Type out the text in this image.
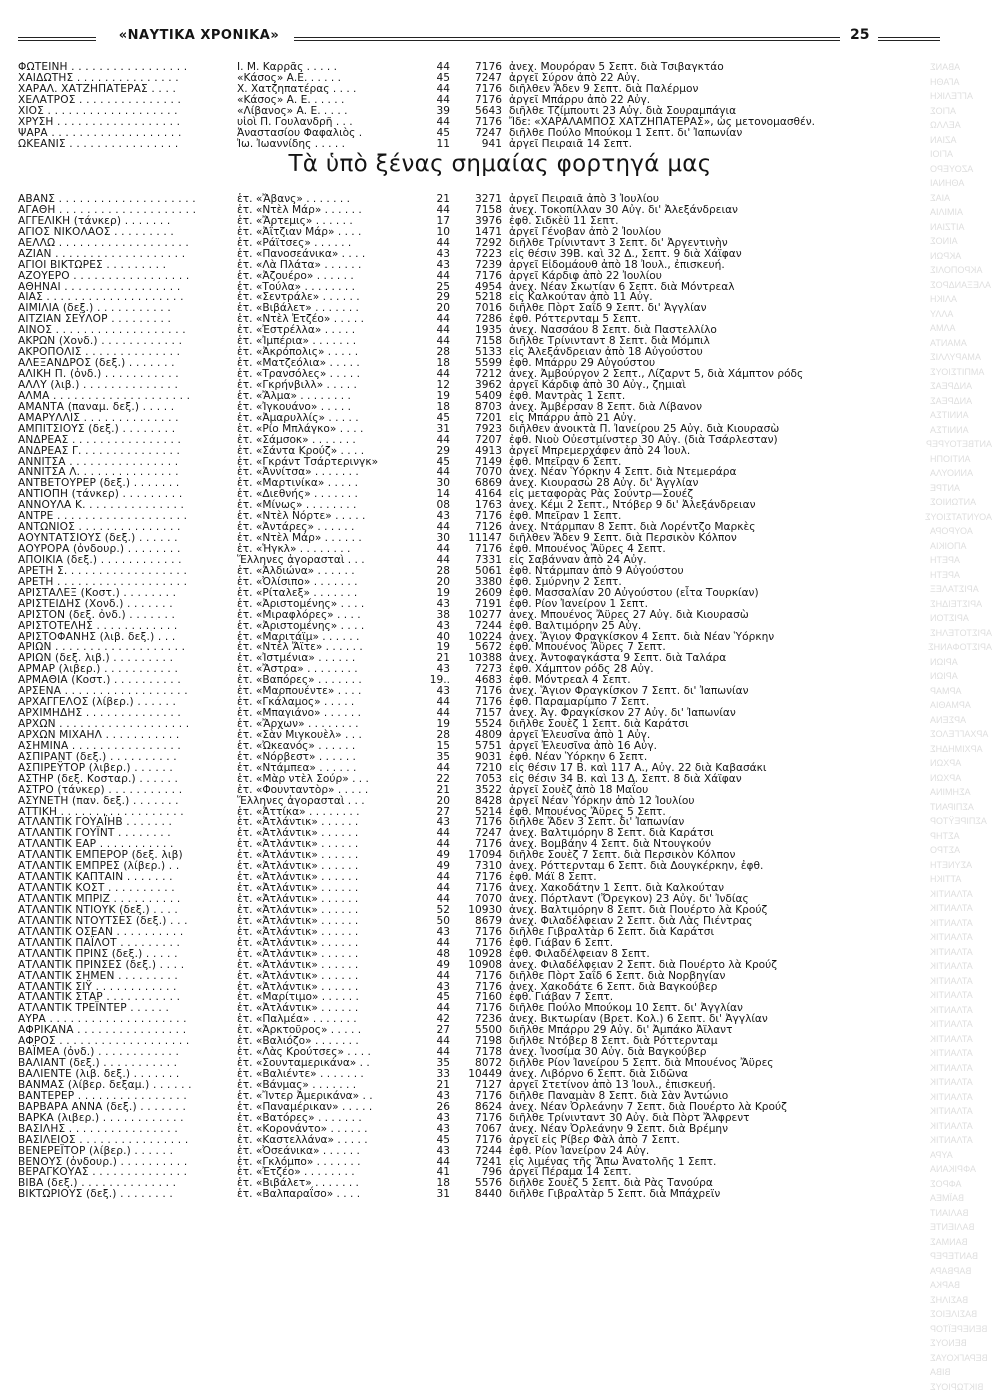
«ΝΑΥΤΙΚΑ ΧΡΟΝΙΚΑ»	25
ΦΩΤΕΙΝΗ . . . . . . . . . . . . . . . . .	Ι. Μ. Καρρᾶς . . . . .	44	7176 ἀνεχ. Μουρόραν 5 Σεπτ. διὰ Τσιβαγκτάο
ΧΑΙΔΩΤΗΣ . . . . . . . . . . . . . . .	«Κάσος» Α.Ε. . . . . .	45	7247 ἀργεῖ Σύρον ἀπὸ 22 Αὐγ.
ΧΑΡΑΛ. ΧΑΤΖΗΠΑΤΕΡΑΣ . . . .	Χ. Χατζηπατέρας . . . .	44	7176 διῆλθεν Ἄδεν 9 Σεπτ. διὰ Παλέρμον
ΧΕΛΑΤΡΟΣ . . . . . . . . . . . . . . .	«Κάσος» Α. Ε. . . . . .	44	7176 ἀργεῖ Μπάρρυ ἀπὸ 22 Αὐγ.
ΧΙΟΣ . . . . . . . . . . . . . . . . . . .	«Λίβανος» Α. Ε. . . . .	39	5643 διῆλθε Τζίμπουτι 23 Αὐγ. διὰ Σουραμπάγια
ΧΡΥΣΗ . . . . . . . . . . . . . . . . . .	υἱοὶ Π. Γουλανδρῆ . . .	44	7176 Ἴδε: «ΧΑΡΑΛΑΜΠΟΣ ΧΑΤΖΗΠΑΤΕΡΑΣ», ὡς μετονομασθέν.
ΨΑΡΑ . . . . . . . . . . . . . . . . . . .	Ἀναστασίου Φαφαλιὸς .	45	7247 διῆλθε Πούλο Μπούκομ 1 Σεπτ. δι' Ἰαπωνίαν
ΩΚΕΑΝΙΣ . . . . . . . . . . . . . . . .	Ἰω. Ἰωαννίδης . . . . .	11	941 ἀργεῖ Πειραιᾶ 14 Σεπτ.
Τὰ ὑπὸ ξένας σημαίας φορτηγά μας
ΑΒΑΝΣ . . . . . . . . . . . . . . . . . . . .	ἑτ. «Ἄβανς» . . . . . . .	21	3271 ἀργεῖ Πειραιᾶ ἀπὸ 3 Ἰουλίου
ΑΓΑΘΗ . . . . . . . . . . . . . . . . . . . .	ἑτ. «Ντὲλ Μάρ» . . . . . .	44	7158 ἀνεχ. Τοκοπίλλαν 30 Αὐγ. δι' Ἀλεξάνδρειαν
ΑΓΓΕΛΙΚΗ (τάνκερ) . . . . . . .	ἑτ. «Ἄρτεμις» . . . . . .	17	3976 ἐφθ. Σιδκὲϋ 11 Σεπτ.
ΑΓΙΟΣ ΝΙΚΟΛΑΟΣ . . . . . . . . .	ἑτ. «Ἀΐτζιαν Μάρ» . . . .	10	1471 ἀργεῖ Γένοβαν ἀπὸ 2 Ἰουλίου
ΑΕΛΛΩ . . . . . . . . . . . . . . . . . . .	ἑτ. «Ράϊτσες» . . . . . .	44	7292 διῆλθε Τρίνινταντ 3 Σεπτ. δι' Ἀργεντινὴν
ΑΖΙΑΝ . . . . . . . . . . . . . . . . . . .	ἑτ. «Πανοσεάνικα» . . . .	43	7223 εἰς θέσιν 39Β. καὶ 32 Δ., Σεπτ. 9 διὰ Χάϊφαν
ΑΓΙΟΙ ΒΙΚΤΩΡΕΣ . . . . . . . . .	ἑτ. «Λὰ Πλάτα» . . . . . .	43	7239 ἀργεῖ Εἰδομάουθ ἀπὸ 18 Ἰουλ., ἐπισκευή.
ΑΖΟΥΕΡΟ . . . . . . . . . . . . . . . . .	ἑτ. «Ἀζουέρο» . . . . . .	44	7176 ἀργεῖ Κάρδιφ ἀπὸ 22 Ἰουλίου
ΑΘΗΝΑΙ . . . . . . . . . . . . . . . . .	ἑτ. «Τούλα» . . . . . . . .	25	4954 ἀνεχ. Νέαν Σκωτίαν 6 Σεπτ. διὰ Μόντρεαλ
ΑΙΑΣ . . . . . . . . . . . . . . . . . . . .	ἑτ. «Σεντράλε» . . . . . .	29	5218 εἰς Καλκούταν ἀπὸ 11 Αὐγ.
ΑΙΜΙΛΙΑ (δεξ.) . . . . . . . . . . .	ἑτ. «Βιβάλετ» . . . . . . .	20	7016 διῆλθε Πὸρτ Σαΐδ 9 Σεπτ. δι' Ἀγγλίαν
ΑΙΤΖΙΑΝ ΣΕΫΛΟΡ . . . . . . . . .	ἑτ. «Ντὲλ Ἐτζέο» . . . . .	44	7286 ἐφθ. Ρόττερνταμ 5 Σεπτ.
ΑΙΝΟΣ . . . . . . . . . . . . . . . . . . .	ἑτ. «Ἐστρέλλα» . . . . .	44	1935 ἀνεχ. Νασσάου 8 Σεπτ. διὰ Παστελλίλο
ΑΚΡΩΝ (Χονδ.) . . . . . . . . . . . .	ἑτ. «Ἰμπέρια» . . . . . . .	44	7158 διῆλθε Τρίνινταντ 8 Σεπτ. διὰ Μόμπιλ
ΑΚΡΟΠΟΛΙΣ . . . . . . . . . . . . . .	ἑτ. «Ἀκρόπολις» . . . . .	28	5133 εἰς Ἀλεξάνδρειαν ἀπὸ 18 Αὐγούστου
ΑΛΕΞΑΝΔΡΟΣ (δεξ.) . . . . . . .	ἑτ. «Ματζεόλια» . . . . .	18	5599 ἐφθ. Μπάρρυ 29 Αὐγούστου
ΑΛΙΚΗ Π. (ὀνδ.) . . . . . . . . . . .	ἑτ. «Τρανσόλες» . . . . .	44	7212 ἀνεχ. Ἀμβούργον 2 Σεπτ., Λίζαρντ 5, διὰ Χάμπτον ρόδς
ΑΛΛΥ (λιβ.) . . . . . . . . . . . . . .	ἑτ. «Γκρήνβιλλ» . . . . .	12	3962 ἀργεῖ Κάρδιφ ἀπὸ 30 Αὐγ., ζημιαὶ
ΑΛΜΑ . . . . . . . . . . . . . . . . . . . .	ἑτ. «Ἄλμα» . . . . . . . .	19	5409 ἐφθ. Μαντρὰς 1 Σεπτ.
ΑΜΑΝΤΑ (παναμ. δεξ.) . . . . .	ἑτ. «Ἰγκουάνο» . . . . .	18	8703 ἀνεχ. Ἀμβέρσαν 8 Σεπτ. διὰ Λίβανον
ΑΜΑΡΥΛΛΙΣ . . . . . . . . . . . . . .	ἑτ. «Ἀμαρυλλίς» . . . . .	45	7201 εἰς Μπάρρυ ἀπὸ 21 Αὐγ.
ΑΜΠΙΤΣΙΟΥΣ (δεξ.) . . . . . . . .	ἑτ. «Ρίο Μπλάγκο» . . . .	31	7923 διῆλθεν ἀνοικτὰ Π. Ἰανείρου 25 Αὐγ. διὰ Κιουρασὼ
ΑΝΔΡΕΑΣ . . . . . . . . . . . . . . . .	ἑτ. «Σάμσοκ» . . . . . . .	44	7207 ἐφθ. Νιοὺ Οὐεστμίνστερ 30 Αὐγ. (διὰ Τσάρλεσταν)
ΑΝΔΡΕΑΣ Γ. . . . . . . . . . . . . . .	ἑτ. «Σάντα Κρούζ» . . . .	29	4913 ἀργεῖ Μπρεμερχάφεν ἀπὸ 24 Ἰουλ.
ΑΝΝΙΤΣΑ . . . . . . . . . . . . . . . .	ἑτ. «Γκράντ Τσάρτερινγκ»	45	7149 ἐφθ. Μπεῖραν 6 Σεπτ.
ΑΝΝΙΤΣΑ Λ. . . . . . . . . . . . . . .	ἑτ. «Ἀννίτσα» . . . . . . .	44	7070 ἀνεχ. Νέαν Ὑόρκην 4 Σεπτ. διὰ Ντεμεράρα
ΑΝΤΒΕΤΟΥΡΕΡ (δεξ.) . . . . . . .	ἑτ. «Μαρτινίκα» . . . . .	30	6869 ἀνεχ. Κιουρασὼ 28 Αὐγ. δι' Ἀγγλίαν
ΑΝΤΙΟΠΗ (τάνκερ) . . . . . . . . .	ἑτ. «Διεθνής» . . . . . . .	14	4164 εἰς μεταφορὰς Ρὰς Σούντρ—Σουέζ
ΑΝΝΟΥΛΑ Κ. . . . . . . . . . . . . . .	ἑτ. «Μίνως» . . . . . . . .	08	1763 ἀνεχ. Κέμι 2 Σεπτ., Ντόβερ 9 δι' Ἀλεξάνδρειαν
ΑΝΤΡΕ . . . . . . . . . . . . . . . . . . .	ἑτ. «Ντὲλ Νόρτε» . . . . .	43	7176 ἐφθ. Μπεῖραν 1 Σεπτ.
ΑΝΤΩΝΙΟΣ . . . . . . . . . . . . . . .	ἑτ. «Ἀντάρες» . . . . . .	44	7126 ἀνεχ. Ντάρμπαν 8 Σεπτ. διὰ Λορέντζο Μαρκὲς
ΑΟΥΝΤΑΤΣΙΟΥΣ (δεξ.) . . . . . .	ἑτ. «Ντὲλ Μάρ» . . . . . .	30	11147 διῆλθεν Ἄδεν 9 Σεπτ. διὰ Περσικὸν Κόλπον
ΑΟΥΡΟΡΑ (ὀνδουρ.) . . . . . . . .	ἑτ. «Ἡγκλ» . . . . . . . .	44	7176 ἐφθ. Μπουένος Ἄϋρες 4 Σεπτ.
ΑΠΟΙΚΙΑ (δεξ.) . . . . . . . . . . . .	Ἕλληνες ἀγορασταὶ . . .	44	7331 εἰς Σαβάνναν ἀπὸ 24 Αὐγ.
ΑΡΕΤΗ Σ. . . . . . . . . . . . . . . . . .	ἑτ. «Ἀλδιώνα» . . . . . .	28	5061 ἐφθ. Ντάρμπαν ἀπὸ 9 Αὐγούστου
ΑΡΕΤΗ . . . . . . . . . . . . . . . . . . .	ἑτ. «Ὀλίσιπο» . . . . . . .	20	3380 ἐφθ. Σμύρνην 2 Σεπτ.
ΑΡΙΣΤΑΛΕΞ (Κοστ.) . . . . . . . .	ἑτ. «Ρίταλεξ» . . . . . . .	19	2609 ἐφθ. Μασσαλίαν 20 Αὐγούστου (εἶτα Τουρκίαν)
ΑΡΙΣΤΕΙΔΗΣ (Χονδ.) . . . . . . .	ἑτ. «Ἀριστομένης» . . . .	43	7191 ἐφθ. Ρίον Ἰανείρον 1 Σεπτ.
ΑΡΙΣΤΟΝ (δεξ. ὀνδ.) . . . . . . .	ἑτ. «Μιραφλόρες» . . . .	38	10277 ἀνεχ. Μπουένος Ἄϋρες 27 Αὐγ. διὰ Κιουρασὼ
ΑΡΙΣΤΟΤΕΛΗΣ . . . . . . . . . . . .	ἑτ. «Ἀριστομένης» . . . .	43	7244 ἐφθ. Βαλτιμόρην 25 Αὐγ.
ΑΡΙΣΤΟΦΑΝΗΣ (λιβ. δεξ.) . . .	ἑτ. «Μαριτάϊμ» . . . . . .	40	10224 ἀνεχ. Ἅγιον Φραγκίσκον 4 Σεπτ. διὰ Νέαν Ὑόρκην
ΑΡΙΩΝ . . . . . . . . . . . . . . . . . . .	ἑτ. «Ντὲλ Ἄϊτε» . . . . . .	19	5672 ἐφθ. Μπουένος Ἄϋρες 7 Σεπτ.
ΑΡΙΩΝ (δεξ. λιβ.) . . . . . . . . .	ἑτ. «Ἰστμένια» . . . . . .	21	10388 ἀνεχ. Ἀντοφαγκάστα 9 Σεπτ. διὰ Ταλάρα
ΑΡΜΑΡ (λιβερ.) . . . . . . . . . . .	ἑτ. «Ἄστρα» . . . . . . . .	43	7273 ἐφθ. Χάμπτον ρόδς 28 Αὐγ.
ΑΡΜΑΘΙΑ (Κοστ.) . . . . . . . . . .	ἑτ. «Βαπόρες» . . . . . . .	19..	4683 ἐφθ. Μόντρεαλ 4 Σεπτ.
ΑΡΣΕΝΑ . . . . . . . . . . . . . . . . . .	ἑτ. «Μαρπουέντε» . . . .	43	7176 ἀνεχ. Ἅγιον Φραγκίσκον 7 Σεπτ. δι' Ἰαπωνίαν
ΑΡΧΑΓΓΕΛΟΣ (λίβερ.) . . . . . .	ἑτ. «Γκάλαμος» . . . . .	44	7176 ἐφθ. Παραμαρίμπο 7 Σεπτ.
ΑΡΧΙΜΗΔΗΣ . . . . . . . . . . . . . .	ἑτ. «Μπαγιάνο» . . . . . .	44	7157 ἀνεχ. Ἀγ. Φραγκίσκον 27 Αὐγ. δι' Ἰαπωνίαν
ΑΡΧΩΝ . . . . . . . . . . . . . . . . . . .	ἑτ. «Ἄρχων» . . . . . . . .	19	5524 διῆλθε Σουὲζ 1 Σεπτ. διὰ Καράτσι
ΑΡΧΩΝ ΜΙΧΑΗΛ . . . . . . . . . . .	ἑτ. «Σὰν Μιγκουὲλ» . . .	28	4809 ἀργεῖ Ἐλευσῖνα ἀπὸ 1 Αὐγ.
ΑΣΗΜΙΝΑ . . . . . . . . . . . . . . . .	ἑτ. «Ὠκεανός» . . . . . .	15	5751 ἀργεῖ Ἐλευσῖνα ἀπὸ 16 Αὐγ.
ΑΣΠΙΡΑΝΤ (δεξ.) . . . . . . . . . .	ἑτ. «Νόρβεστ» . . . . . .	35	9031 ἐφθ. Νέαν Ὑόρκην 6 Σεπτ.
ΑΣΠΙΡΕΫΤΟΡ (λιβερ.) . . . . . .	ἑτ. «Ντάμπεα» . . . . . .	44	7210 εἰς θέσιν 17 Β. καὶ 117 Α., Αὐγ. 22 διὰ Καβασάκι
ΑΣΤΗΡ (δεξ. Κοσταρ.) . . . . . .	ἑτ. «Μὰρ ντὲλ Σούρ» . . .	22	7053 εἰς θέσιν 34 Β. καὶ 13 Δ. Σεπτ. 8 διὰ Χάϊφαν
ΑΣΤΡΟ (τάνκερ) . . . . . . . . . . .	ἑτ. «Φουνταντὸρ» . . . . .	21	3522 ἀργεῖ Σουὲζ ἀπὸ 18 Μαΐου
ΑΣΥΝΕΤΗ (παν. δεξ.) . . . . . . .	Ἕλληνες ἀγορασταὶ . . .	20	8428 ἀργεῖ Νέαν Ὑόρκην ἀπὸ 12 Ἰουλίου
ΑΤΤΙΚΗ . . . . . . . . . . . . . . . . . .	ἑτ. «Ἀττίκα» . . . . . . . .	27	5214 ἐφθ. Μπουένος Ἄϋρες 5 Σεπτ.
ΑΤΛΑΝΤΙΚ ΓΟΥΑΪΗΒ . . . . . . .	ἑτ. «Ἀτλάντικ» . . . . . .	43	7176 διῆλθε Ἄδεν 3 Σεπτ. δι' Ἰαπωνίαν
ΑΤΛΑΝΤΙΚ ΓΟΥΪΝΤ . . . . . . . .	ἑτ. «Ἀτλάντικ» . . . . . .	44	7247 ἀνεχ. Βαλτιμόρην 8 Σεπτ. διὰ Καράτσι
ΑΤΛΑΝΤΙΚ ΕΑΡ . . . . . . . . . . .	ἑτ. «Ἀτλάντικ» . . . . . .	44	7176 ἀνεχ. Βομβάην 4 Σεπτ. διὰ Ντουγκούν
ΑΤΛΑΝΤΙΚ ΕΜΠΕΡΟΡ (δεξ. λιβ)	ἑτ. «Ἀτλάντικ» . . . . . .	49	17094 διῆλθε Σουὲζ 7 Σεπτ. διὰ Περσικὸν Κόλπον
ΑΤΛΑΝΤΙΚ ΕΜΠΡΕΣ (λίβερ.) . .	ἑτ. «Ἀτλάντικ» . . . . . .	49	7310 ἀνεχ. Ρόττερνταμ 6 Σεπτ. διὰ Δουγκέρκην, ἐφθ.
ΑΤΛΑΝΤΙΚ ΚΑΠΤΑΙΝ . . . . . . .	ἑτ. «Ἀτλάντικ» . . . . . .	44	7176 ἐφθ. Μάϊ 8 Σεπτ.
ΑΤΛΑΝΤΙΚ ΚΟΣΤ . . . . . . . . . .	ἑτ. «Ἀτλάντικ» . . . . . .	44	7176 ἀνεχ. Χακοδάτην 1 Σεπτ. διὰ Καλκούταν
ΑΤΛΑΝΤΙΚ ΜΠΡΙΖ . . . . . . . . . .	ἑτ. «Ἀτλάντικ» . . . . . .	44	7070 ἀνεχ. Πόρτλαντ (Ὄρεγκον) 23 Αὐγ. δι' Ἰνδίας
ΑΤΛΑΝΤΙΚ ΝΤΙΟΥΚ (δεξ.) . . . .	ἑτ. «Ἀτλάντικ» . . . . . .	52	10930 ἀνεχ. Βαλτιμόρην 8 Σεπτ. διὰ Πουέρτο λὰ Κρούζ
ΑΤΛΑΝΤΙΚ ΝΤΟΥΤΣΕΣ (δεξ.) . . .	ἑτ. «Ἀτλάντικ» . . . . . .	50	8679 ἀνεχ. Φιλαδέλφειαν 2 Σεπτ. διὰ Λὰς Πιέντρας
ΑΤΛΑΝΤΙΚ ΟΣΕΑΝ . . . . . . . . . .	ἑτ. «Ἀτλάντικ» . . . . . .	43	7176 διῆλθε Γιβραλτὰρ 6 Σεπτ. διὰ Καράτσι
ΑΤΛΑΝΤΙΚ ΠΑΪΛΟΤ . . . . . . . . .	ἑτ. «Ἀτλάντικ» . . . . . .	44	7176 ἐφθ. Γιάβαν 6 Σεπτ.
ΑΤΛΑΝΤΙΚ ΠΡΙΝΣ (δεξ.) . . . . .	ἑτ. «Ἀτλάντικ» . . . . . .	48	10928 ἐφθ. Φιλαδέλφειαν 8 Σεπτ.
ΑΤΛΑΝΤΙΚ ΠΡΙΝΣΕΣ (δεξ.) . . . .	ἑτ. «Ἀτλάντικ» . . . . . .	49	10908 ἀνεχ. Φιλαδέλφειαν 2 Σεπτ. διὰ Πουέρτο λὰ Κρούζ
ΑΤΛΑΝΤΙΚ ΣΗΜΕΝ . . . . . . . . .	ἑτ. «Ἀτλάντικ» . . . . . .	44	7176 διῆλθε Πὸρτ Σαΐδ 6 Σεπτ. διὰ Νορβηγίαν
ΑΤΛΑΝΤΙΚ ΣΙΫ . . . . . . . . . . . .	ἑτ. «Ἀτλάντικ» . . . . . .	43	7176 ἀνεχ. Χακοδάτε 6 Σεπτ. διὰ Βαγκούβερ
ΑΤΛΑΝΤΙΚ ΣΤΑΡ . . . . . . . . . . .	ἑτ. «Μαρίτιμο» . . . . . .	45	7160 ἐφθ. Γιάβαν 7 Σεπτ.
ΑΤΛΑΝΤΙΚ ΤΡΕΪΝΤΕΡ . . . . . .	ἑτ. «Ἀτλάντικ» . . . . . .	44	7176 διῆλθε Πούλο Μπούκομ 10 Σεπτ. δι' Ἀγγλίαν
ΑΥΡΑ . . . . . . . . . . . . . . . . . . . .	ἑτ. «Παλμέα» . . . . . . .	42	7236 ἀνεχ. Βικτωρίαν (Βρετ. Κολ.) 6 Σεπτ. δι' Ἀγγλίαν
ΑΦΡΙΚΑΝΑ . . . . . . . . . . . . . . . .	ἑτ. «Ἀρκτοῦρος» . . . . .	27	5500 διῆλθε Μπάρρυ 29 Αὐγ. δι' Ἀμπάκο Ἀϊλαντ
ΑΦΡΟΣ . . . . . . . . . . . . . . . . . . .	ἑτ. «Βαλιόζο» . . . . . . .	44	7198 διῆλθε Ντόβερ 8 Σεπτ. διὰ Ρόττερνταμ
ΒΑΪΜΕΑ (ὀνδ.) . . . . . . . . . . . .	ἑτ. «Λὰς Κρούτσες» . . . .	44	7178 ἀνεχ. Ἰνοσίμα 30 Αὐγ. διὰ Βαγκούβερ
ΒΑΛΙΑΝΤ (δεξ.) . . . . . . . . . . .	ἑτ. «Σουνταμερικάνα» . .	35	8072 διῆλθε Ρίον Ἰανείρου 5 Σεπτ. διὰ Μπουένος Ἄϋρες
ΒΑΛΙΕΝΤΕ (λιβ. δεξ.) . . . . . . .	ἑτ. «Βαλιέντε» . . . . . . .	33	10449 ἀνεχ. Λιβόρνο 6 Σεπτ. διὰ Σιδῶνα
ΒΑΝΜΑΣ (λίβερ. δεξαμ.) . . . . . .	ἑτ. «Βάνμας» . . . . . . .	21	7127 ἀργεῖ Στετίνον ἀπὸ 13 Ἰουλ., ἐπισκευή.
ΒΑΝΤΕΡΕΡ . . . . . . . . . . . . . . . .	ἑτ. «Ἴντερ Ἀμερικάνα» . .	43	7176 διῆλθε Παναμὰν 8 Σεπτ. διὰ Σὰν Ἀντώνιο
ΒΑΡΒΑΡΑ ΑΝΝΑ (δεξ.) . . . . . . .	ἑτ. «Παναμέρικαν» . . . . .	26	8624 ἀνεχ. Νέαν Ὀρλεάνην 7 Σεπτ. διὰ Πουέρτο λὰ Κρούζ
ΒΑΡΚΑ (λιβερ.) . . . . . . . . . . . .	ἑτ. «Βατόρες» . . . . . . .	43	7176 διῆλθε Τρίνινταντ 30 Αὐγ. διὰ Πὸρτ Ἄλφρεντ
ΒΑΣΙΛΗΣ . . . . . . . . . . . . . . . .	ἑτ. «Κορονάντο» . . . . . .	43	7067 ἀνεχ. Νέαν Ὀρλεάνην 9 Σεπτ. διὰ Βρέμην
ΒΑΣΙΛΕΙΟΣ . . . . . . . . . . . . . . . .	ἑτ. «Καστελλάνα» . . . . .	45	7176 ἀργεῖ εἰς Ρίβερ Φὰλ ἀπὸ 7 Σεπτ.
ΒΕΝΕΡΕΪΤΟΡ (λίβερ.) . . . . . .	ἑτ. «Ὀσεάνικα» . . . . . .	43	7244 ἐφθ. Ρίον Ἰανείρον 24 Αὐγ.
ΒΕΝΟΥΣ (ὀνδουρ.) . . . . . . . . . .	ἑτ. «Γκλόμπο» . . . . . . .	44	7241 εἰς λιμένας τῆς Ἄπω Ἀνατολῆς 1 Σεπτ.
ΒΕΡΑΓΚΟΥΑΣ . . . . . . . . . . . . . .	ἑτ. «Ἐτζέο» . . . . . . . .	41	796 ἀργεῖ Πέραμα 14 Σεπτ.
ΒΙΒΑ (δεξ.) . . . . . . . . . . . . . .	ἑτ. «Βιβάλετ» . . . . . . .	18	5576 διῆλθε Σουὲζ 5 Σεπτ. διὰ Ρὰς Τανούρα
ΒΙΚΤΩΡΙΟΥΣ (δεξ.) . . . . . . . .	ἑτ. «Βαλπαραΐσο» . . . .	31	8440 διῆλθε Γιβραλτὰρ 5 Σεπτ. διὰ Μπάχρεϊν
ΑΒΑΝΣ
ΑΓΑΘΗ
ΑΓΓΕΛΙΚΗ
ΑΓΙΟΣ
ΑΕΛΛΩ
ΑΖΙΑΝ
ΑΓΙΟΙ
ΑΖΟΥΕΡΟ
ΑΘΗΝΑΙ
ΑΙΑΣ
ΑΙΜΙΛΙΑ
ΑΙΤΖΙΑΝ
ΑΙΝΟΣ
ΑΚΡΩΝ
ΑΚΡΟΠΟΛΙΣ
ΑΛΕΞΑΝΔΡΟΣ
ΑΛΙΚΗ
ΑΛΛΥ
ΑΛΜΑ
ΑΜΑΝΤΑ
ΑΜΑΡΥΛΛΙΣ
ΑΜΠΙΤΣΙΟΥΣ
ΑΝΔΡΕΑΣ
ΑΝΔΡΕΑΣ
ΑΝΝΙΤΣΑ
ΑΝΝΙΤΣΑ
ΑΝΤΒΕΤΟΥΡΕΡ
ΑΝΤΙΟΠΗ
ΑΝΝΟΥΛΑ
ΑΝΤΡΕ
ΑΝΤΩΝΙΟΣ
ΑΟΥΝΤΑΤΣΙΟΥΣ
ΑΟΥΡΟΡΑ
ΑΠΟΙΚΙΑ
ΑΡΕΤΗ
ΑΡΕΤΗ
ΑΡΙΣΤΑΛΕΞ
ΑΡΙΣΤΕΙΔΗΣ
ΑΡΙΣΤΟΝ
ΑΡΙΣΤΟΤΕΛΗΣ
ΑΡΙΣΤΟΦΑΝΗΣ
ΑΡΙΩΝ
ΑΡΙΩΝ
ΑΡΜΑΡ
ΑΡΜΑΘΙΑ
ΑΡΣΕΝΑ
ΑΡΧΑΓΓΕΛΟΣ
ΑΡΧΙΜΗΔΗΣ
ΑΡΧΩΝ
ΑΡΧΩΝ
ΑΣΗΜΙΝΑ
ΑΣΠΙΡΑΝΤ
ΑΣΠΙΡΕΫΤΟΡ
ΑΣΤΗΡ
ΑΣΤΡΟ
ΑΣΥΝΕΤΗ
ΑΤΤΙΚΗ
ΑΤΛΑΝΤΙΚ
ΑΤΛΑΝΤΙΚ
ΑΤΛΑΝΤΙΚ
ΑΤΛΑΝΤΙΚ
ΑΤΛΑΝΤΙΚ
ΑΤΛΑΝΤΙΚ
ΑΤΛΑΝΤΙΚ
ΑΤΛΑΝΤΙΚ
ΑΤΛΑΝΤΙΚ
ΑΤΛΑΝΤΙΚ
ΑΤΛΑΝΤΙΚ
ΑΤΛΑΝΤΙΚ
ΑΤΛΑΝΤΙΚ
ΑΤΛΑΝΤΙΚ
ΑΤΛΑΝΤΙΚ
ΑΤΛΑΝΤΙΚ
ΑΤΛΑΝΤΙΚ
ΑΤΛΑΝΤΙΚ
ΑΥΡΑ
ΑΦΡΙΚΑΝΑ
ΑΦΡΟΣ
ΒΑΪΜΕΑ
ΒΑΛΙΑΝΤ
ΒΑΛΙΕΝΤΕ
ΒΑΝΜΑΣ
ΒΑΝΤΕΡΕΡ
ΒΑΡΒΑΡΑ
ΒΑΡΚΑ
ΒΑΣΙΛΗΣ
ΒΑΣΙΛΕΙΟΣ
ΒΕΝΕΡΕΪΤΟΡ
ΒΕΝΟΥΣ
ΒΕΡΑΓΚΟΥΑΣ
ΒΙΒΑ
ΒΙΚΤΩΡΙΟΥΣ
